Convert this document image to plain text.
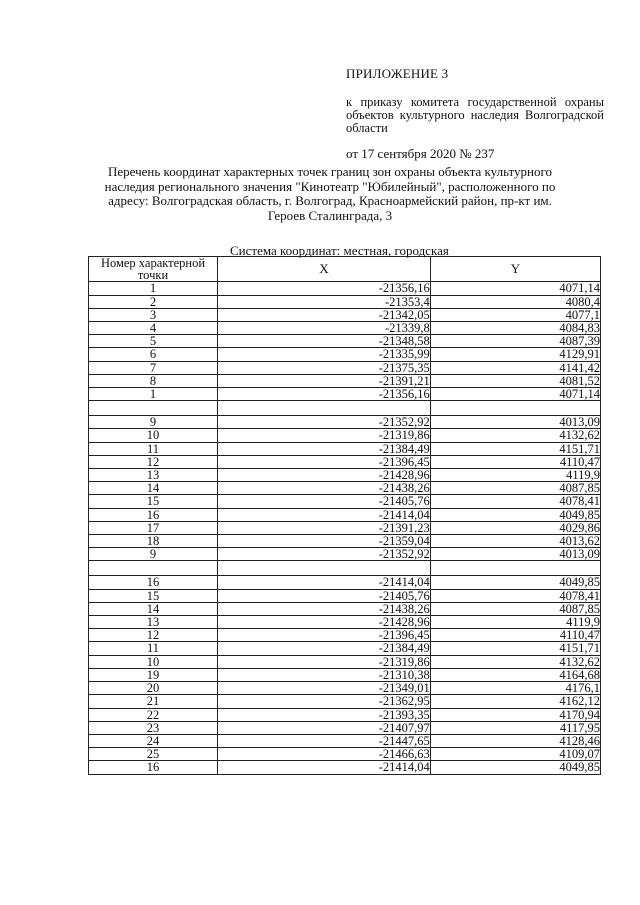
ПРИЛОЖЕНИЕ 3

к приказу комитета государственной охраны объектов культурного наследия Волгоградской области

от 17 сентября 2020 № 237

Перечень координат характерных точек границ зон охраны объекта культурного наследия регионального значения "Кинотеатр "Юбилейный", расположенного по адресу: Волгоградская область, г. Волгоград, Красноармейский район, пр-кт им. Героев Сталинграда, 3

Система координат: местная, городская

Номер характерной точки	X	Y
1	-21356,16	4071,14
2	-21353,4	4080,4
3	-21342,05	4077,1
4	-21339,8	4084,83
5	-21348,58	4087,39
6	-21335,99	4129,91
7	-21375,35	4141,42
8	-21391,21	4081,52
1	-21356,16	4071,14

9	-21352,92	4013,09
10	-21319,86	4132,62
11	-21384,49	4151,71
12	-21396,45	4110,47
13	-21428,96	4119,9
14	-21438,26	4087,85
15	-21405,76	4078,41
16	-21414,04	4049,85
17	-21391,23	4029,86
18	-21359,04	4013,62
9	-21352,92	4013,09

16	-21414,04	4049,85
15	-21405,76	4078,41
14	-21438,26	4087,85
13	-21428,96	4119,9
12	-21396,45	4110,47
11	-21384,49	4151,71
10	-21319,86	4132,62
19	-21310,38	4164,68
20	-21349,01	4176,1
21	-21362,95	4162,12
22	-21393,35	4170,94
23	-21407,97	4117,95
24	-21447,65	4128,46
25	-21466,63	4109,07
16	-21414,04	4049,85
